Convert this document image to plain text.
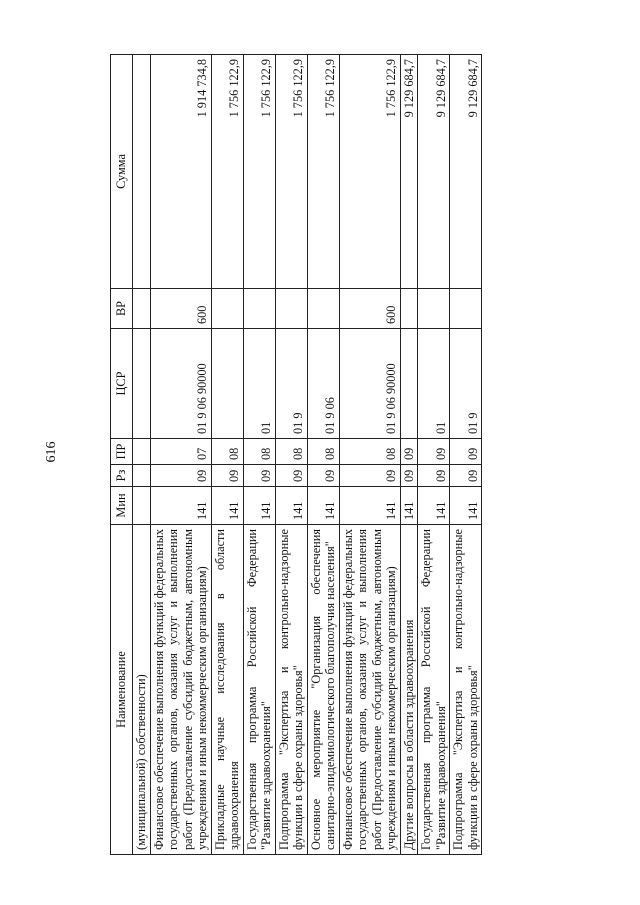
616
Наименование	Мин	Рз	ПР	ЦСР	ВР	Сумма
(муниципальной) собственности)						
Финансовое обеспечение выполнения функций федеральных государственных органов, оказания услуг и выполнения работ (Предоставление субсидий бюджетным, автономным учреждениям и иным некоммерческим организациям)	141	09	07	01 9 06 90000	600	1 914 734,8
Прикладные научные исследования в области здравоохранения	141	09	08			1 756 122,9
Государственная программа Российской Федерации "Развитие здравоохранения"	141	09	08	01		1 756 122,9
Подпрограмма "Экспертиза и контрольно-надзорные функции в сфере охраны здоровья"	141	09	08	01 9		1 756 122,9
Основное мероприятие "Организация обеспечения санитарно-эпидемиологического благополучия населения"	141	09	08	01 9 06		1 756 122,9
Финансовое обеспечение выполнения функций федеральных государственных органов, оказания услуг и выполнения работ (Предоставление субсидий бюджетным, автономным учреждениям и иным некоммерческим организациям)	141	09	08	01 9 06 90000	600	1 756 122,9
Другие вопросы в области здравоохранения	141	09	09			9 129 684,7
Государственная программа Российской Федерации "Развитие здравоохранения"	141	09	09	01		9 129 684,7
Подпрограмма "Экспертиза и контрольно-надзорные функции в сфере охраны здоровья"	141	09	09	01 9		9 129 684,7
